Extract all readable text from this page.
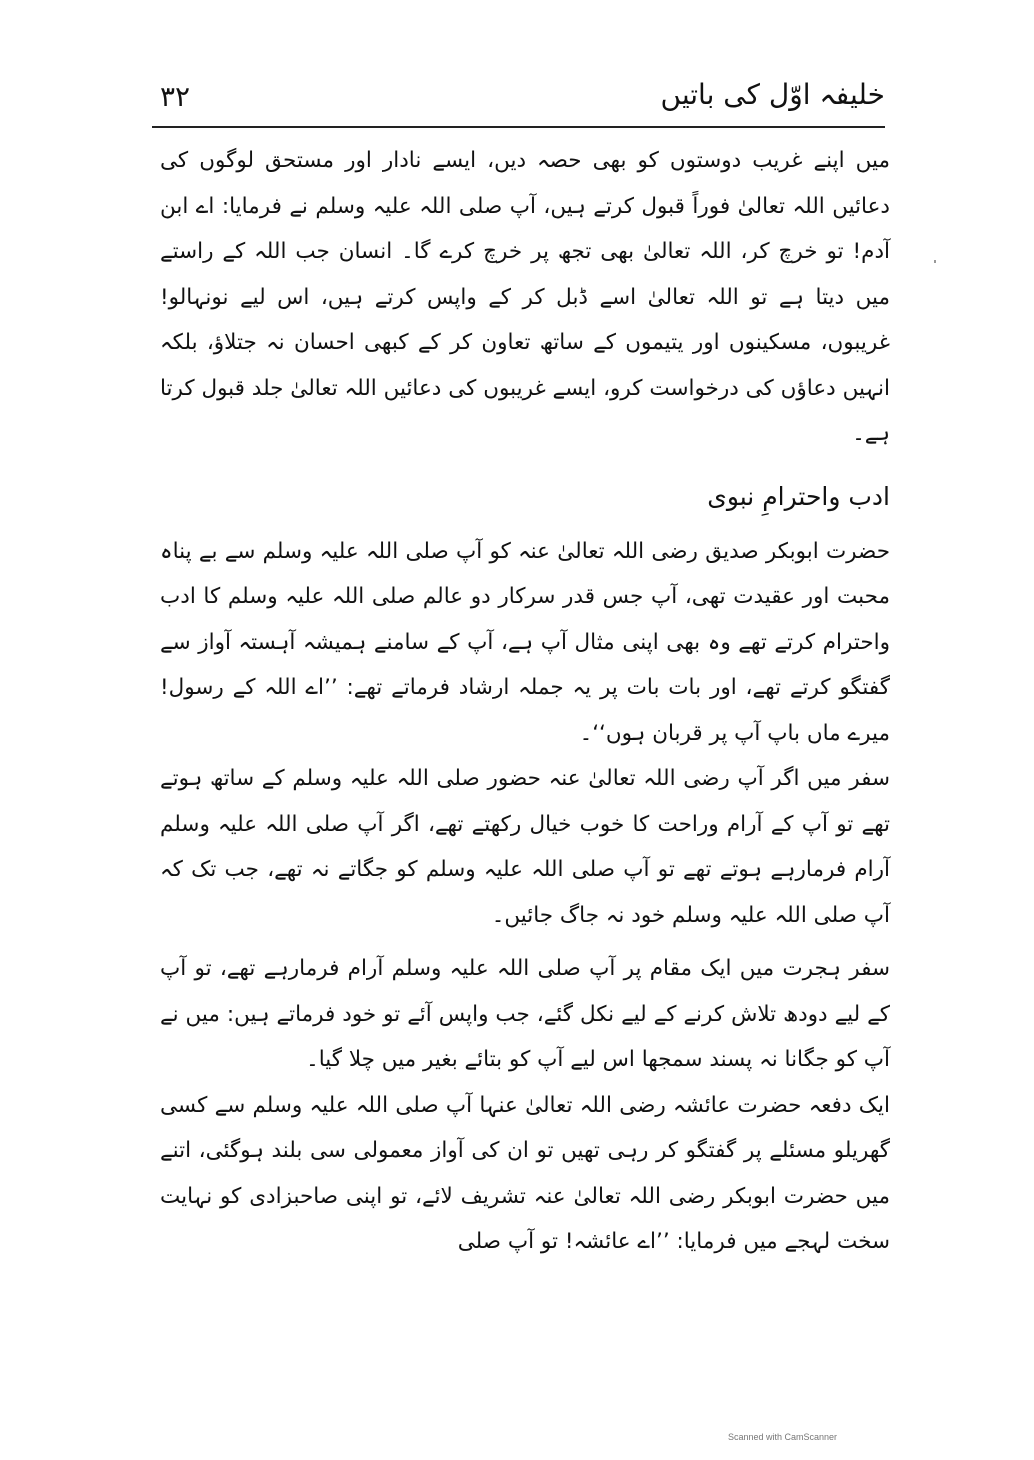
۳۲	خلیفہ اوّل کی باتیں

میں اپنے غریب دوستوں کو بھی حصہ دیں، ایسے نادار اور مستحق لوگوں کی دعائیں اللہ تعالیٰ فوراً قبول کرتے ہیں، آپ صلی اللہ علیہ وسلم نے فرمایا: اے ابن آدم! تو خرچ کر، اللہ تعالیٰ بھی تجھ پر خرچ کرے گا۔ انسان جب اللہ کے راستے میں دیتا ہے تو اللہ تعالیٰ اسے ڈبل کر کے واپس کرتے ہیں، اس لیے نونہالو! غریبوں، مسکینوں اور یتیموں کے ساتھ تعاون کر کے کبھی احسان نہ جتلاؤ، بلکہ انہیں دعاؤں کی درخواست کرو، ایسے غریبوں کی دعائیں اللہ تعالیٰ جلد قبول کرتا ہے۔

ادب واحترامِ نبوی

حضرت ابوبکر صدیق رضی اللہ تعالیٰ عنہ کو آپ صلی اللہ علیہ وسلم سے بے پناہ محبت اور عقیدت تھی، آپ جس قدر سرکار دو عالم صلی اللہ علیہ وسلم کا ادب واحترام کرتے تھے وہ بھی اپنی مثال آپ ہے، آپ کے سامنے ہمیشہ آہستہ آواز سے گفتگو کرتے تھے، اور بات بات پر یہ جملہ ارشاد فرماتے تھے: ’’اے اللہ کے رسول! میرے ماں باپ آپ پر قربان ہوں‘‘۔

سفر میں اگر آپ رضی اللہ تعالیٰ عنہ حضور صلی اللہ علیہ وسلم کے ساتھ ہوتے تھے تو آپ کے آرام وراحت کا خوب خیال رکھتے تھے، اگر آپ صلی اللہ علیہ وسلم آرام فرمارہے ہوتے تھے تو آپ صلی اللہ علیہ وسلم کو جگاتے نہ تھے، جب تک کہ آپ صلی اللہ علیہ وسلم خود نہ جاگ جائیں۔

سفر ہجرت میں ایک مقام پر آپ صلی اللہ علیہ وسلم آرام فرمارہے تھے، تو آپ کے لیے دودھ تلاش کرنے کے لیے نکل گئے، جب واپس آئے تو خود فرماتے ہیں: میں نے آپ کو جگانا نہ پسند سمجھا اس لیے آپ کو بتائے بغیر میں چلا گیا۔

ایک دفعہ حضرت عائشہ رضی اللہ تعالیٰ عنہا آپ صلی اللہ علیہ وسلم سے کسی گھریلو مسئلے پر گفتگو کر رہی تھیں تو ان کی آواز معمولی سی بلند ہوگئی، اتنے میں حضرت ابوبکر رضی اللہ تعالیٰ عنہ تشریف لائے، تو اپنی صاحبزادی کو نہایت سخت لہجے میں فرمایا: ’’اے عائشہ! تو آپ صلی

Scanned with CamScanner
